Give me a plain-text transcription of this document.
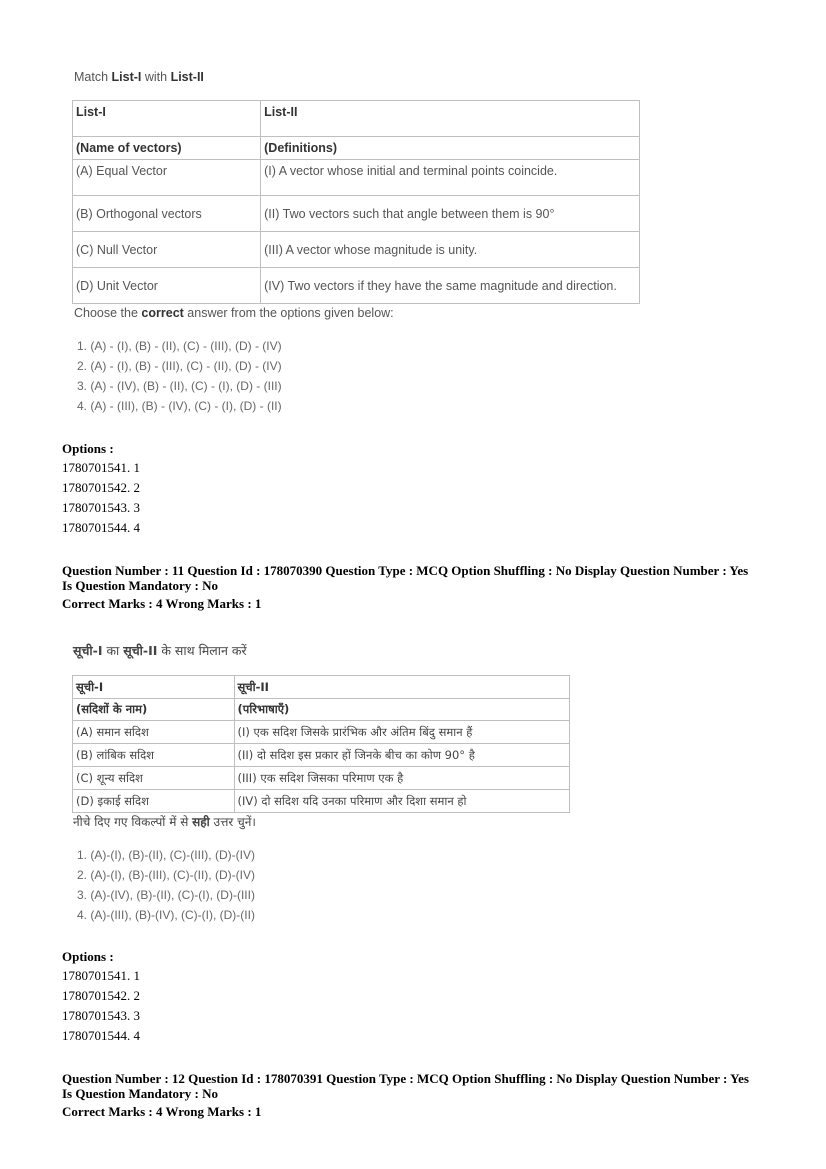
Match List-I with List-II
List-I	List-II
(Name of vectors)	(Definitions)
(A) Equal Vector	(I) A vector whose initial and terminal points coincide.
(B) Orthogonal vectors	(II) Two vectors such that angle between them is 90°
(C) Null Vector	(III) A vector whose magnitude is unity.
(D) Unit Vector	(IV) Two vectors if they have the same magnitude and direction.
Choose the correct answer from the options given below:
1. (A) - (I), (B) - (II), (C) - (III), (D) - (IV)
2. (A) - (I), (B) - (III), (C) - (II), (D) - (IV)
3. (A) - (IV), (B) - (II), (C) - (I), (D) - (III)
4. (A) - (III), (B) - (IV), (C) - (I), (D) - (II)
Options :
1780701541. 1
1780701542. 2
1780701543. 3
1780701544. 4
Question Number : 11 Question Id : 178070390 Question Type : MCQ Option Shuffling : No Display Question Number : Yes
Is Question Mandatory : No
Correct Marks : 4 Wrong Marks : 1
सूची-I का सूची-II के साथ मिलान करें
सूची-I	सूची-II
(सदिशों के नाम)	(परिभाषाएँ)
(A) समान सदिश	(I) एक सदिश जिसके प्रारंभिक और अंतिम बिंदु समान हैं
(B) लांबिक सदिश	(II) दो सदिश इस प्रकार हों जिनके बीच का कोण 90° है
(C) शून्य सदिश	(III) एक सदिश जिसका परिमाण एक है
(D) इकाई सदिश	(IV) दो सदिश यदि उनका परिमाण और दिशा समान हो
नीचे दिए गए विकल्पों में से सही उत्तर चुनें।
1. (A)-(I), (B)-(II), (C)-(III), (D)-(IV)
2. (A)-(I), (B)-(III), (C)-(II), (D)-(IV)
3. (A)-(IV), (B)-(II), (C)-(I), (D)-(III)
4. (A)-(III), (B)-(IV), (C)-(I), (D)-(II)
Options :
1780701541. 1
1780701542. 2
1780701543. 3
1780701544. 4
Question Number : 12 Question Id : 178070391 Question Type : MCQ Option Shuffling : No Display Question Number : Yes
Is Question Mandatory : No
Correct Marks : 4 Wrong Marks : 1
